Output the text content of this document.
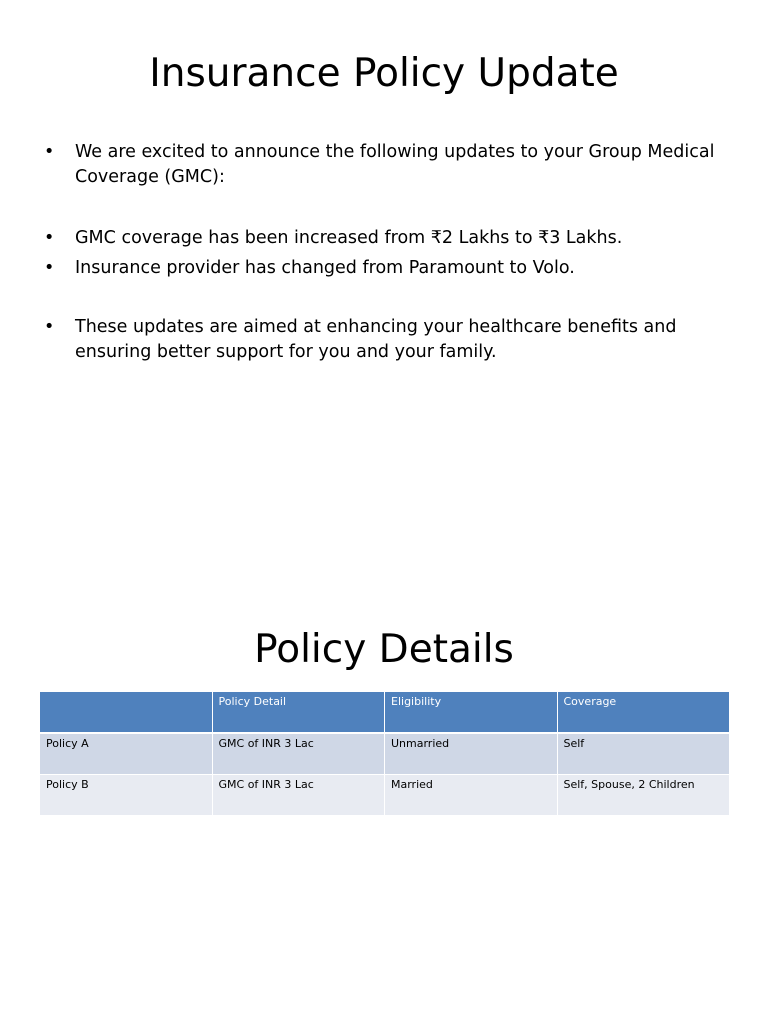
Insurance Policy Update
• We are excited to announce the following updates to your Group Medical Coverage (GMC):
• GMC coverage has been increased from ₹2 Lakhs to ₹3 Lakhs.
• Insurance provider has changed from Paramount to Volo.
• These updates are aimed at enhancing your healthcare benefits and ensuring better support for you and your family.
Policy Details
	Policy Detail	Eligibility	Coverage
Policy A	GMC of INR 3 Lac	Unmarried	Self
Policy B	GMC of INR 3 Lac	Married	Self, Spouse, 2 Children
